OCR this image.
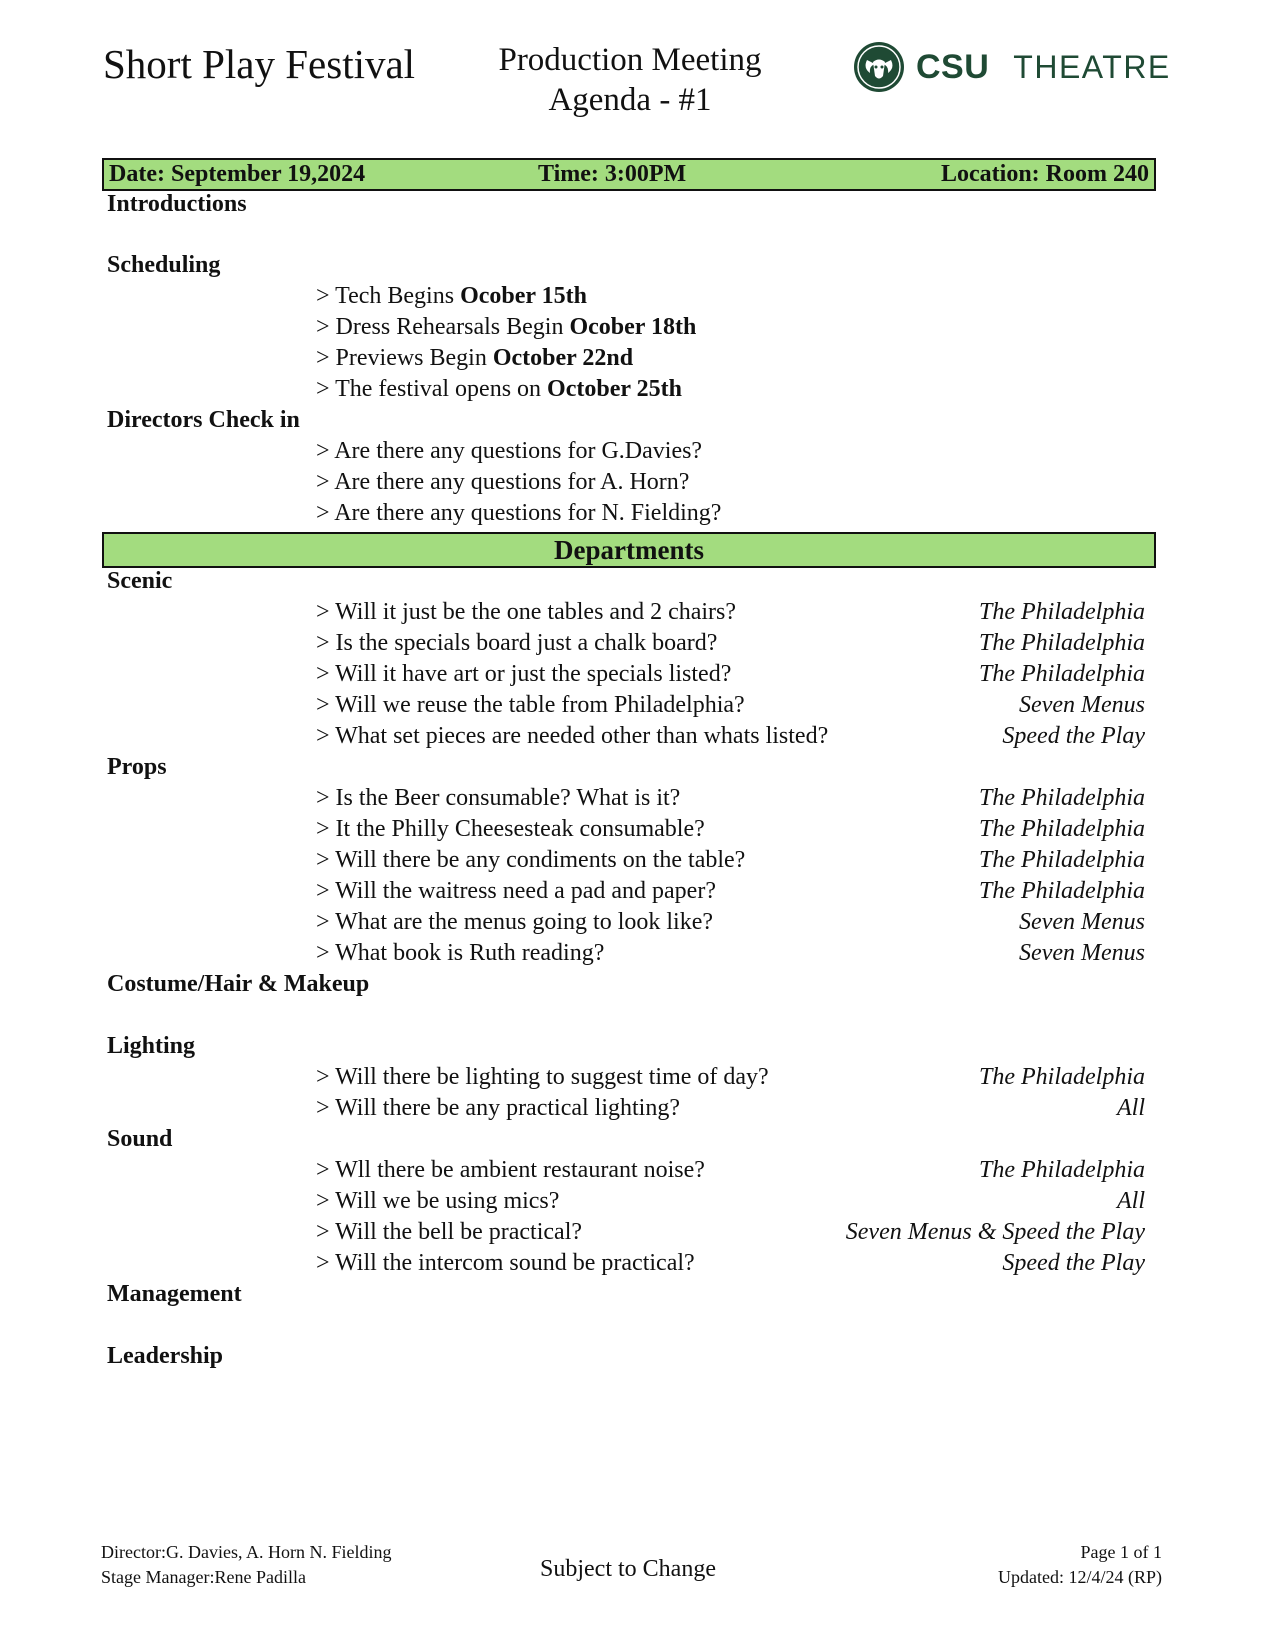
Short Play Festival	Production Meeting
Agenda - #1
CSU THEATRE
Date: September 19,2024	Time: 3:00PM	Location: Room 240
Introductions
Scheduling
> Tech Begins Ocober 15th
> Dress Rehearsals Begin Ocober 18th
> Previews Begin October 22nd
> The festival opens on October 25th
Directors Check in
> Are there any questions for G.Davies?
> Are there any questions for A. Horn?
> Are there any questions for N. Fielding?
Departments
Scenic
> Will it just be the one tables and 2 chairs?	The Philadelphia
> Is the specials board just a chalk board?	The Philadelphia
> Will it have art or just the specials listed?	The Philadelphia
> Will we reuse the table from Philadelphia?	Seven Menus
> What set pieces are needed other than whats listed?	Speed the Play
Props
> Is the Beer consumable? What is it?	The Philadelphia
> It the Philly Cheesesteak consumable?	The Philadelphia
> Will there be any condiments on the table?	The Philadelphia
> Will the waitress need a pad and paper?	The Philadelphia
> What are the menus going to look like?	Seven Menus
> What book is Ruth reading?	Seven Menus
Costume/Hair & Makeup
Lighting
> Will there be lighting to suggest time of day?	The Philadelphia
> Will there be any practical lighting?	All
Sound
> Wll there be ambient restaurant noise?	The Philadelphia
> Will we be using mics?	All
> Will the bell be practical?	Seven Menus & Speed the Play
> Will the intercom sound be practical?	Speed the Play
Management
Leadership
Director:G. Davies, A. Horn N. Fielding
Stage Manager:Rene Padilla	Subject to Change
Page 1 of 1
Updated: 12/4/24 (RP)
